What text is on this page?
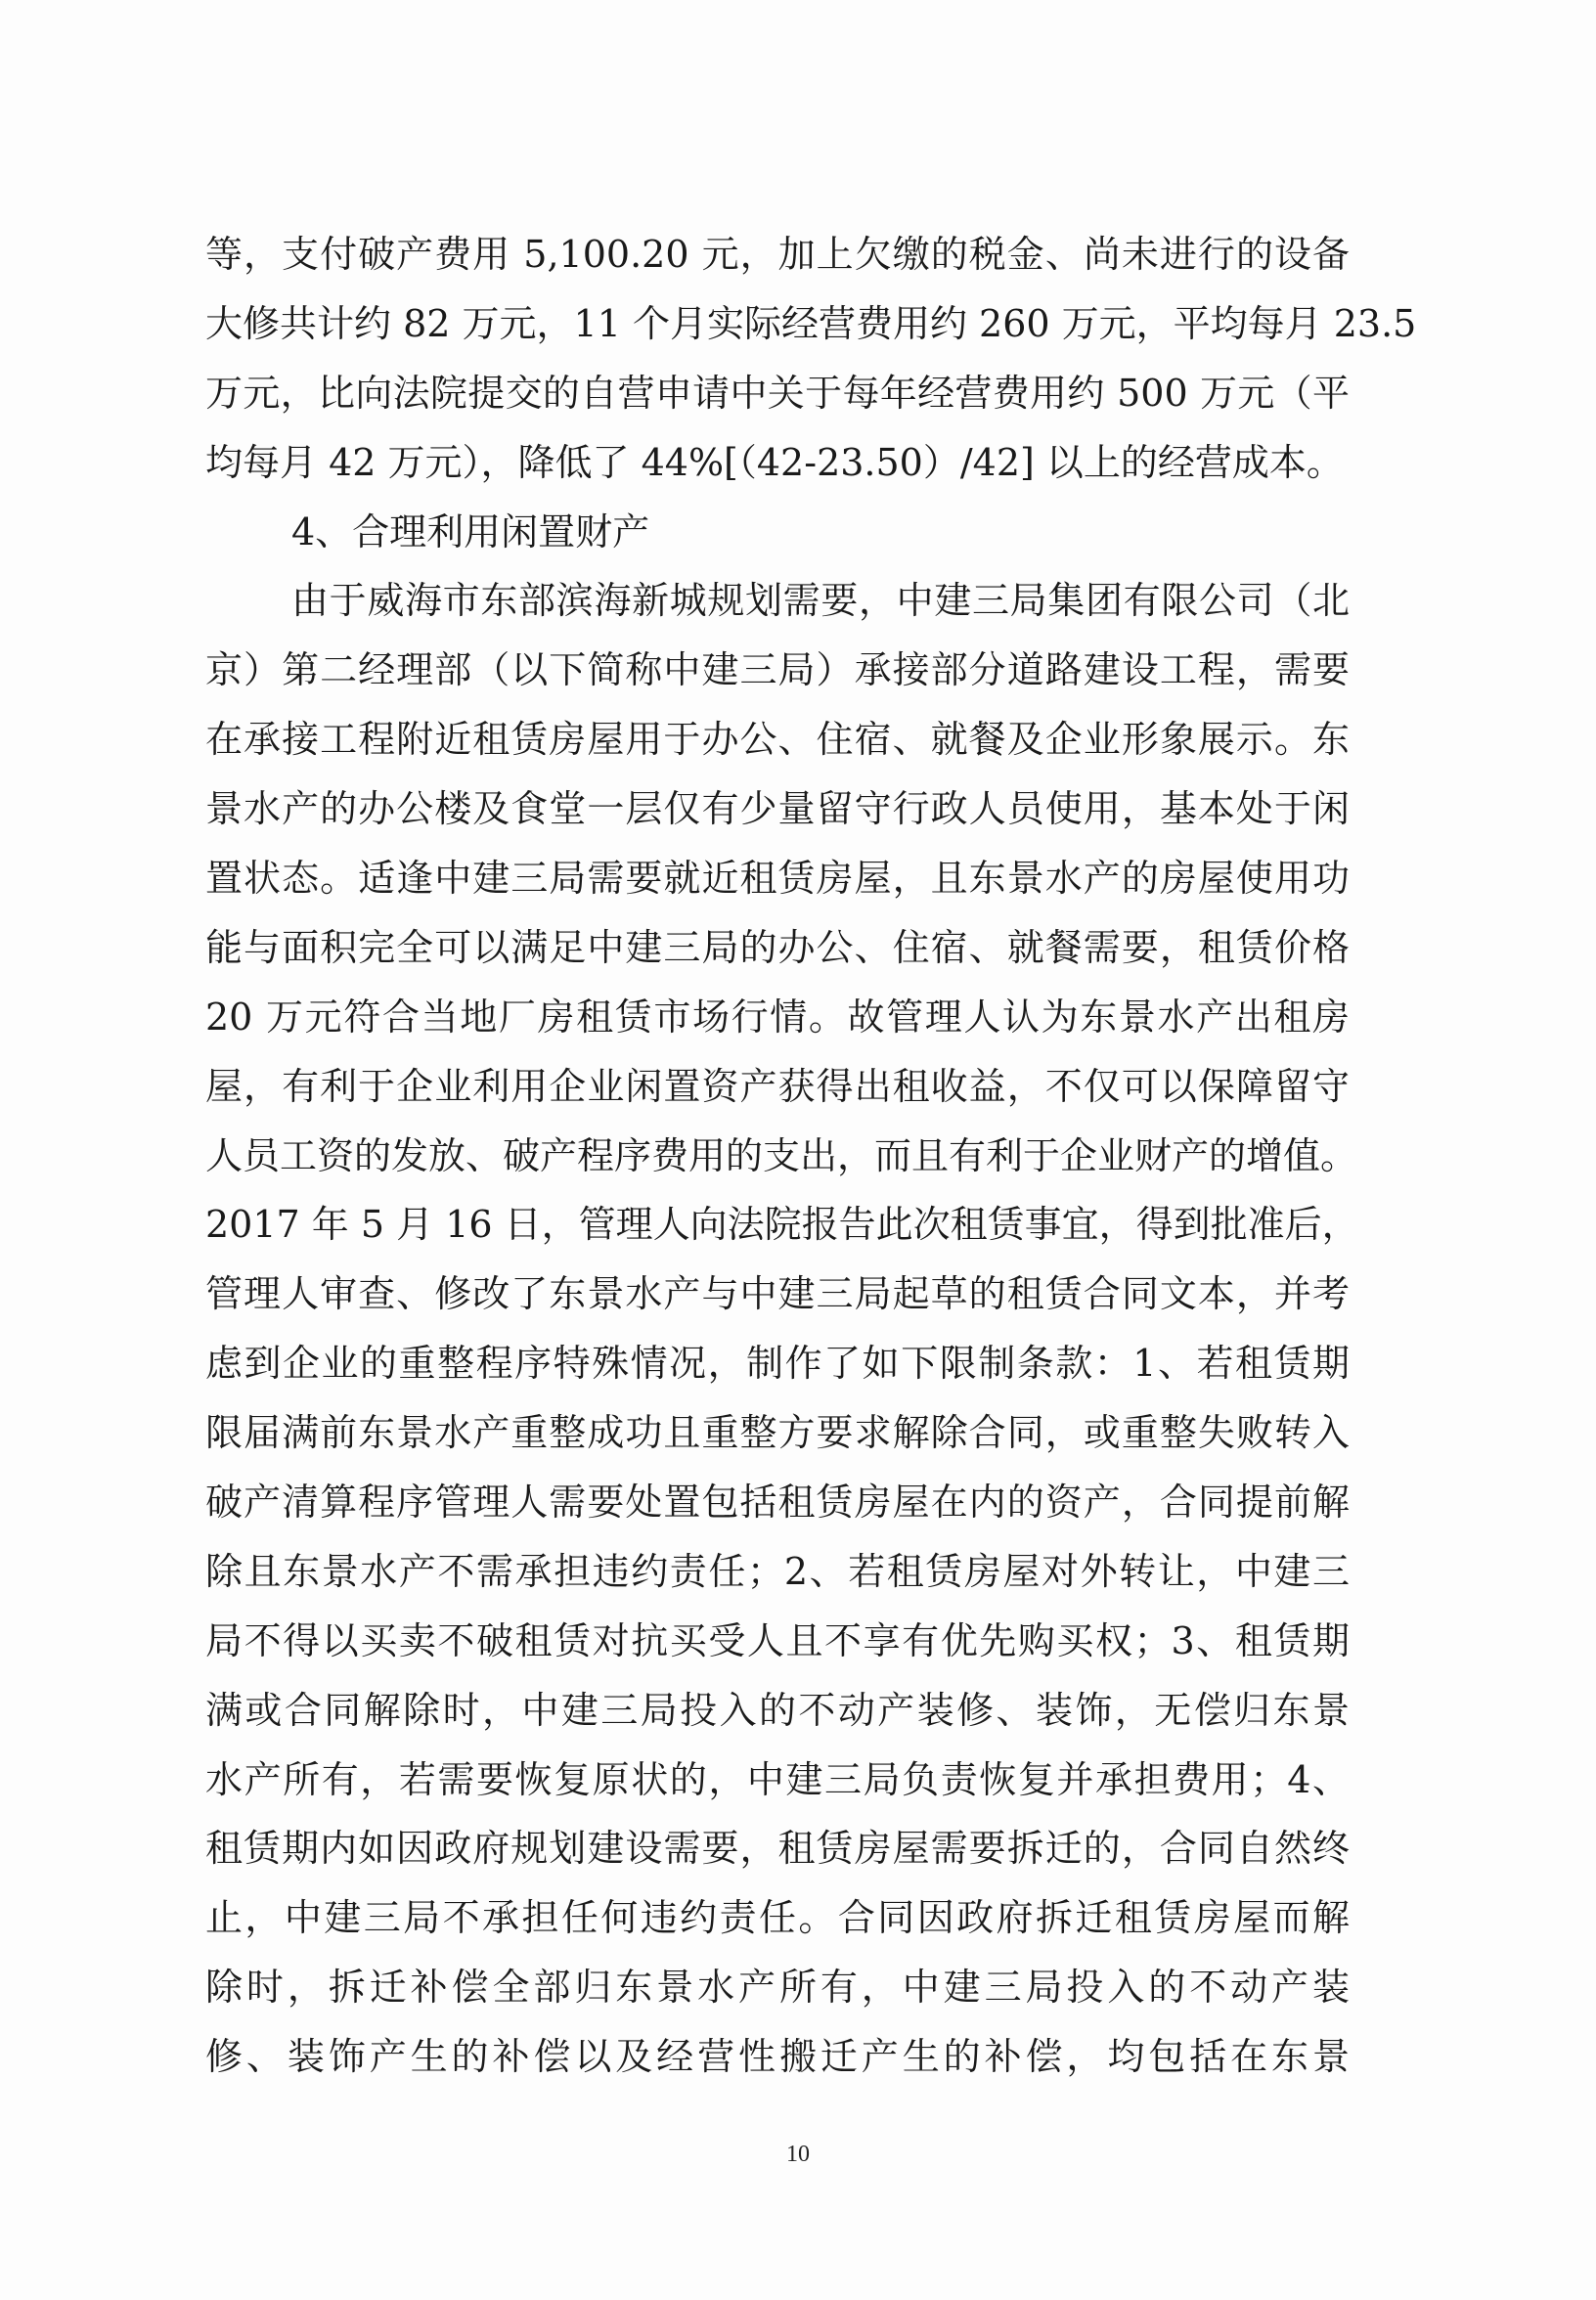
等，支付破产费用 5,100.20 元，加上欠缴的税金、尚未进行的设备
大修共计约 82 万元，11 个月实际经营费用约 260 万元，平均每月 23.5
万元，比向法院提交的自营申请中关于每年经营费用约 500 万元（平
均每月 42 万元），降低了 44%[（42-23.50）/42] 以上的经营成本。
4、合理利用闲置财产
由于威海市东部滨海新城规划需要，中建三局集团有限公司（北
京）第二经理部（以下简称中建三局）承接部分道路建设工程，需要
在承接工程附近租赁房屋用于办公、住宿、就餐及企业形象展示。东
景水产的办公楼及食堂一层仅有少量留守行政人员使用，基本处于闲
置状态。适逢中建三局需要就近租赁房屋，且东景水产的房屋使用功
能与面积完全可以满足中建三局的办公、住宿、就餐需要，租赁价格
20 万元符合当地厂房租赁市场行情。故管理人认为东景水产出租房
屋，有利于企业利用企业闲置资产获得出租收益，不仅可以保障留守
人员工资的发放、破产程序费用的支出，而且有利于企业财产的增值。
2017 年 5 月 16 日，管理人向法院报告此次租赁事宜，得到批准后，
管理人审查、修改了东景水产与中建三局起草的租赁合同文本，并考
虑到企业的重整程序特殊情况，制作了如下限制条款：1、若租赁期
限届满前东景水产重整成功且重整方要求解除合同，或重整失败转入
破产清算程序管理人需要处置包括租赁房屋在内的资产，合同提前解
除且东景水产不需承担违约责任；2、若租赁房屋对外转让，中建三
局不得以买卖不破租赁对抗买受人且不享有优先购买权；3、租赁期
满或合同解除时，中建三局投入的不动产装修、装饰，无偿归东景
水产所有，若需要恢复原状的，中建三局负责恢复并承担费用；4、
租赁期内如因政府规划建设需要，租赁房屋需要拆迁的，合同自然终
止，中建三局不承担任何违约责任。合同因政府拆迁租赁房屋而解
除时，拆迁补偿全部归东景水产所有，中建三局投入的不动产装
修、装饰产生的补偿以及经营性搬迁产生的补偿，均包括在东景
10
